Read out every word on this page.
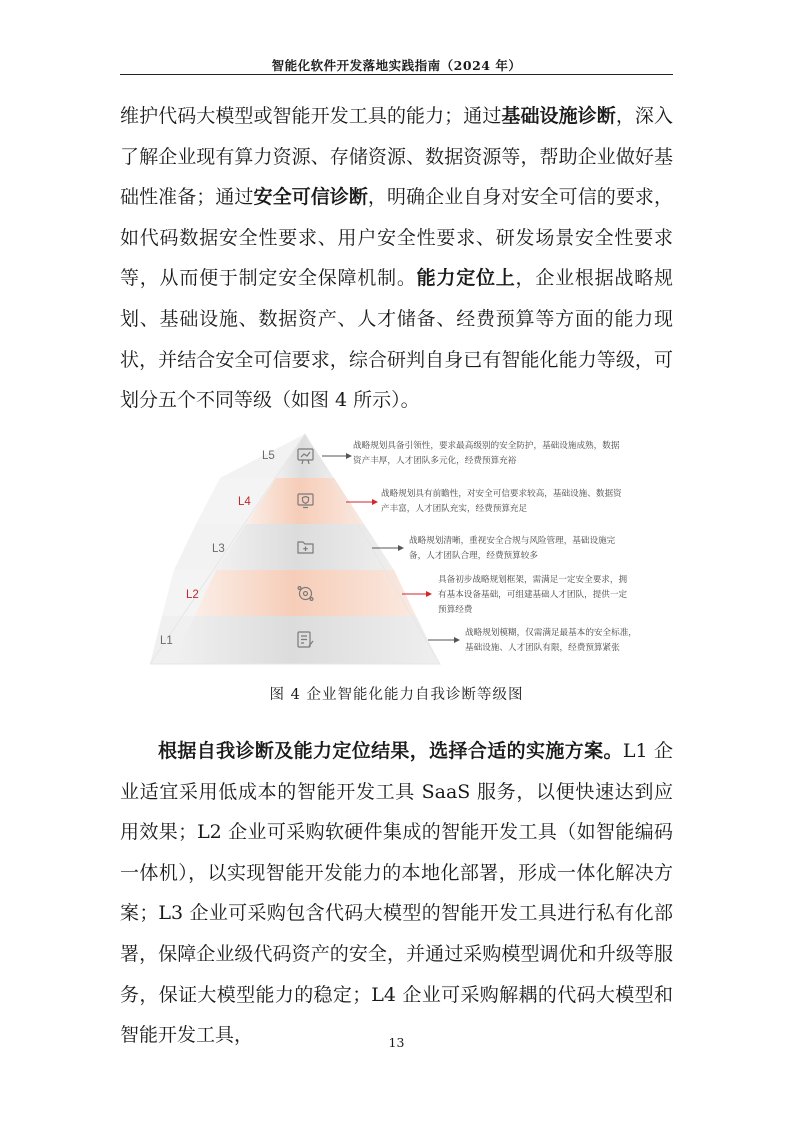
智能化软件开发落地实践指南（2024 年）

维护代码大模型或智能开发工具的能力；通过基础设施诊断，深入了解企业现有算力资源、存储资源、数据资源等，帮助企业做好基础性准备；通过安全可信诊断，明确企业自身对安全可信的要求，如代码数据安全性要求、用户安全性要求、研发场景安全性要求等，从而便于制定安全保障机制。能力定位上，企业根据战略规划、基础设施、数据资产、人才储备、经费预算等方面的能力现状，并结合安全可信要求，综合研判自身已有智能化能力等级，可划分五个不同等级（如图 4 所示）。

L5
L4
L3
L2
L1
战略规划具备引领性，要求最高级别的安全防护，基础设施成熟，数据 资产丰厚，人才团队多元化，经费预算充裕
战略规划具有前瞻性，对安全可信要求较高，基础设施、数据资 产丰富，人才团队充实，经费预算充足
战略规划清晰，重视安全合规与风险管理，基础设施完 备，人才团队合理，经费预算较多
具备初步战略规划框架，需满足一定安全要求，拥 有基本设备基础，可组建基础人才团队，提供一定 预算经费
战略规划模糊，仅需满足最基本的安全标准， 基础设施、人才团队有限，经费预算紧张
图 4 企业智能化能力自我诊断等级图

根据自我诊断及能力定位结果，选择合适的实施方案。L1 企业适宜采用低成本的智能开发工具 SaaS 服务，以便快速达到应用效果；L2 企业可采购软硬件集成的智能开发工具（如智能编码一体机），以实现智能开发能力的本地化部署，形成一体化解决方案；L3 企业可采购包含代码大模型的智能开发工具进行私有化部署，保障企业级代码资产的安全，并通过采购模型调优和升级等服务，保证大模型能力的稳定；L4 企业可采购解耦的代码大模型和智能开发工具，	13
